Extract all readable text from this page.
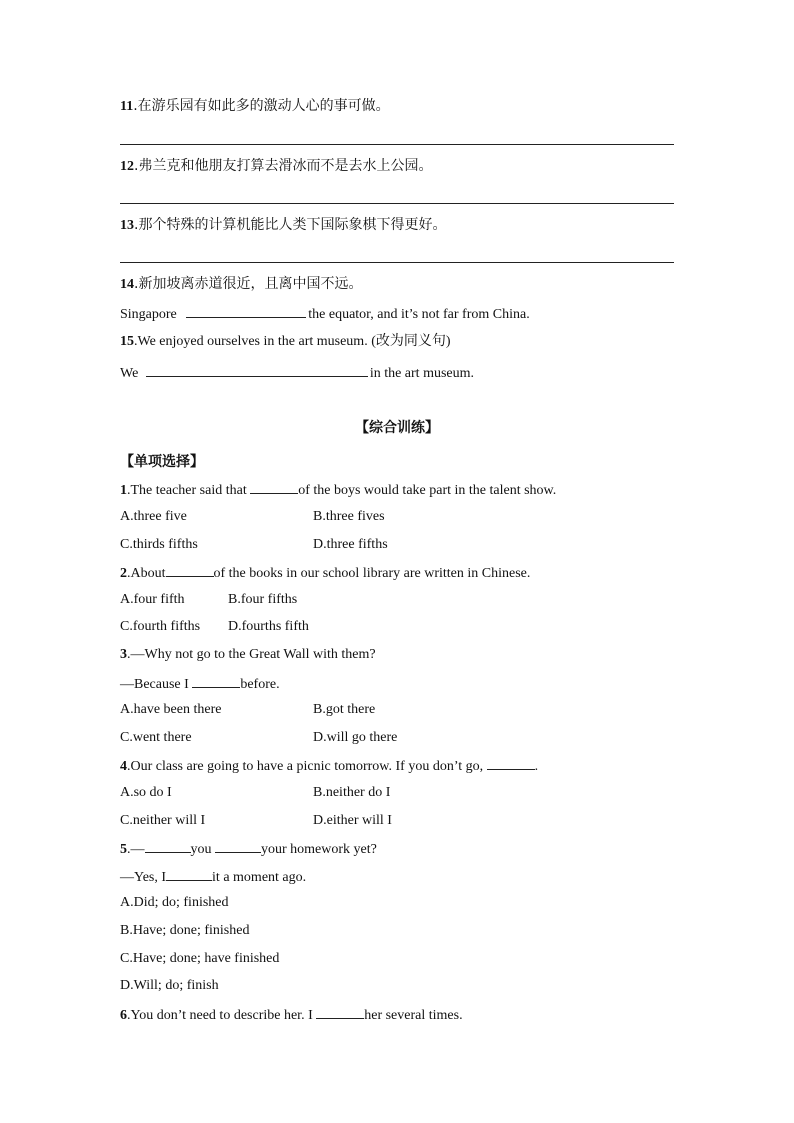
11.在游乐园有如此多的激动人心的事可做。
12.弗兰克和他朋友打算去滑冰而不是去水上公园。
13.那个特殊的计算机能比人类下国际象棋下得更好。
14.新加坡离赤道很近，且离中国不远。
Singapore	the equator, and it’s not far from China.
15.We enjoyed ourselves in the art museum. (改为同义句)
We	in the art museum.
【综合训练】
【单项选择】
1.The teacher said that	of the boys would take part in the talent show.
A.three five	B.three fives
C.thirds fifths	D.three fifths
2.About	of the books in our school library are written in Chinese.
A.four fifth	B.four fifths
C.fourth fifths D.fourths fifth
3.—Why not go to the Great Wall with them?
—Because I	before.
A.have been there	B.got there
C.went there	D.will go there
4.Our class are going to have a picnic tomorrow. If you don’t go,	.
A.so do I	B.neither do I
C.neither will I	D.either will I
5.—	you	your homework yet?
—Yes, I	it a moment ago.
A.Did; do; finished
B.Have; done; finished
C.Have; done; have finished
D.Will; do; finish
6.You don’t need to describe her. I	her several times.
